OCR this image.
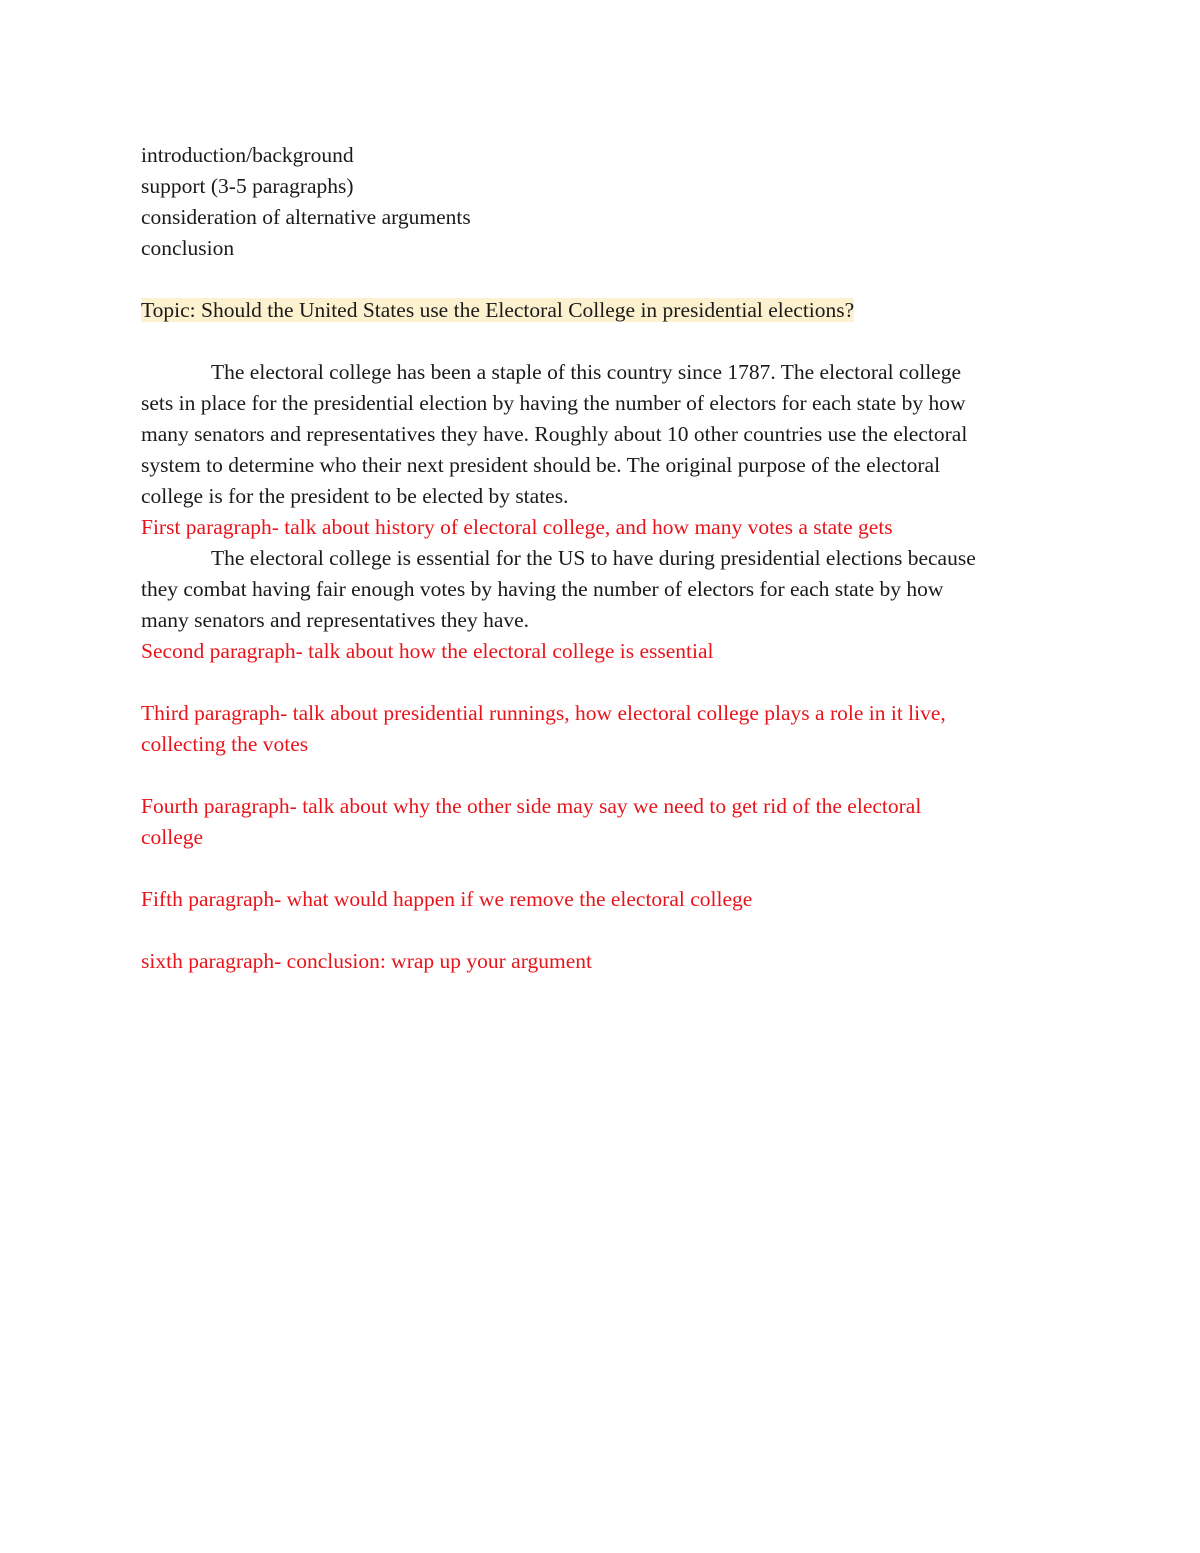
introduction/background
support (3-5 paragraphs)
consideration of alternative arguments
conclusion
Topic: Should the United States use the Electoral College in presidential elections?
The electoral college has been a staple of this country since 1787. The electoral college
sets in place for the presidential election by having the number of electors for each state by how
many senators and representatives they have. Roughly about 10 other countries use the electoral
system to determine who their next president should be. The original purpose of the electoral
college is for the president to be elected by states.
First paragraph- talk about history of electoral college, and how many votes a state gets
The electoral college is essential for the US to have during presidential elections because
they combat having fair enough votes by having the number of electors for each state by how
many senators and representatives they have.
Second paragraph- talk about how the electoral college is essential
Third paragraph- talk about presidential runnings, how electoral college plays a role in it live,
collecting the votes
Fourth paragraph- talk about why the other side may say we need to get rid of the electoral
college
Fifth paragraph- what would happen if we remove the electoral college
sixth paragraph- conclusion: wrap up your argument
